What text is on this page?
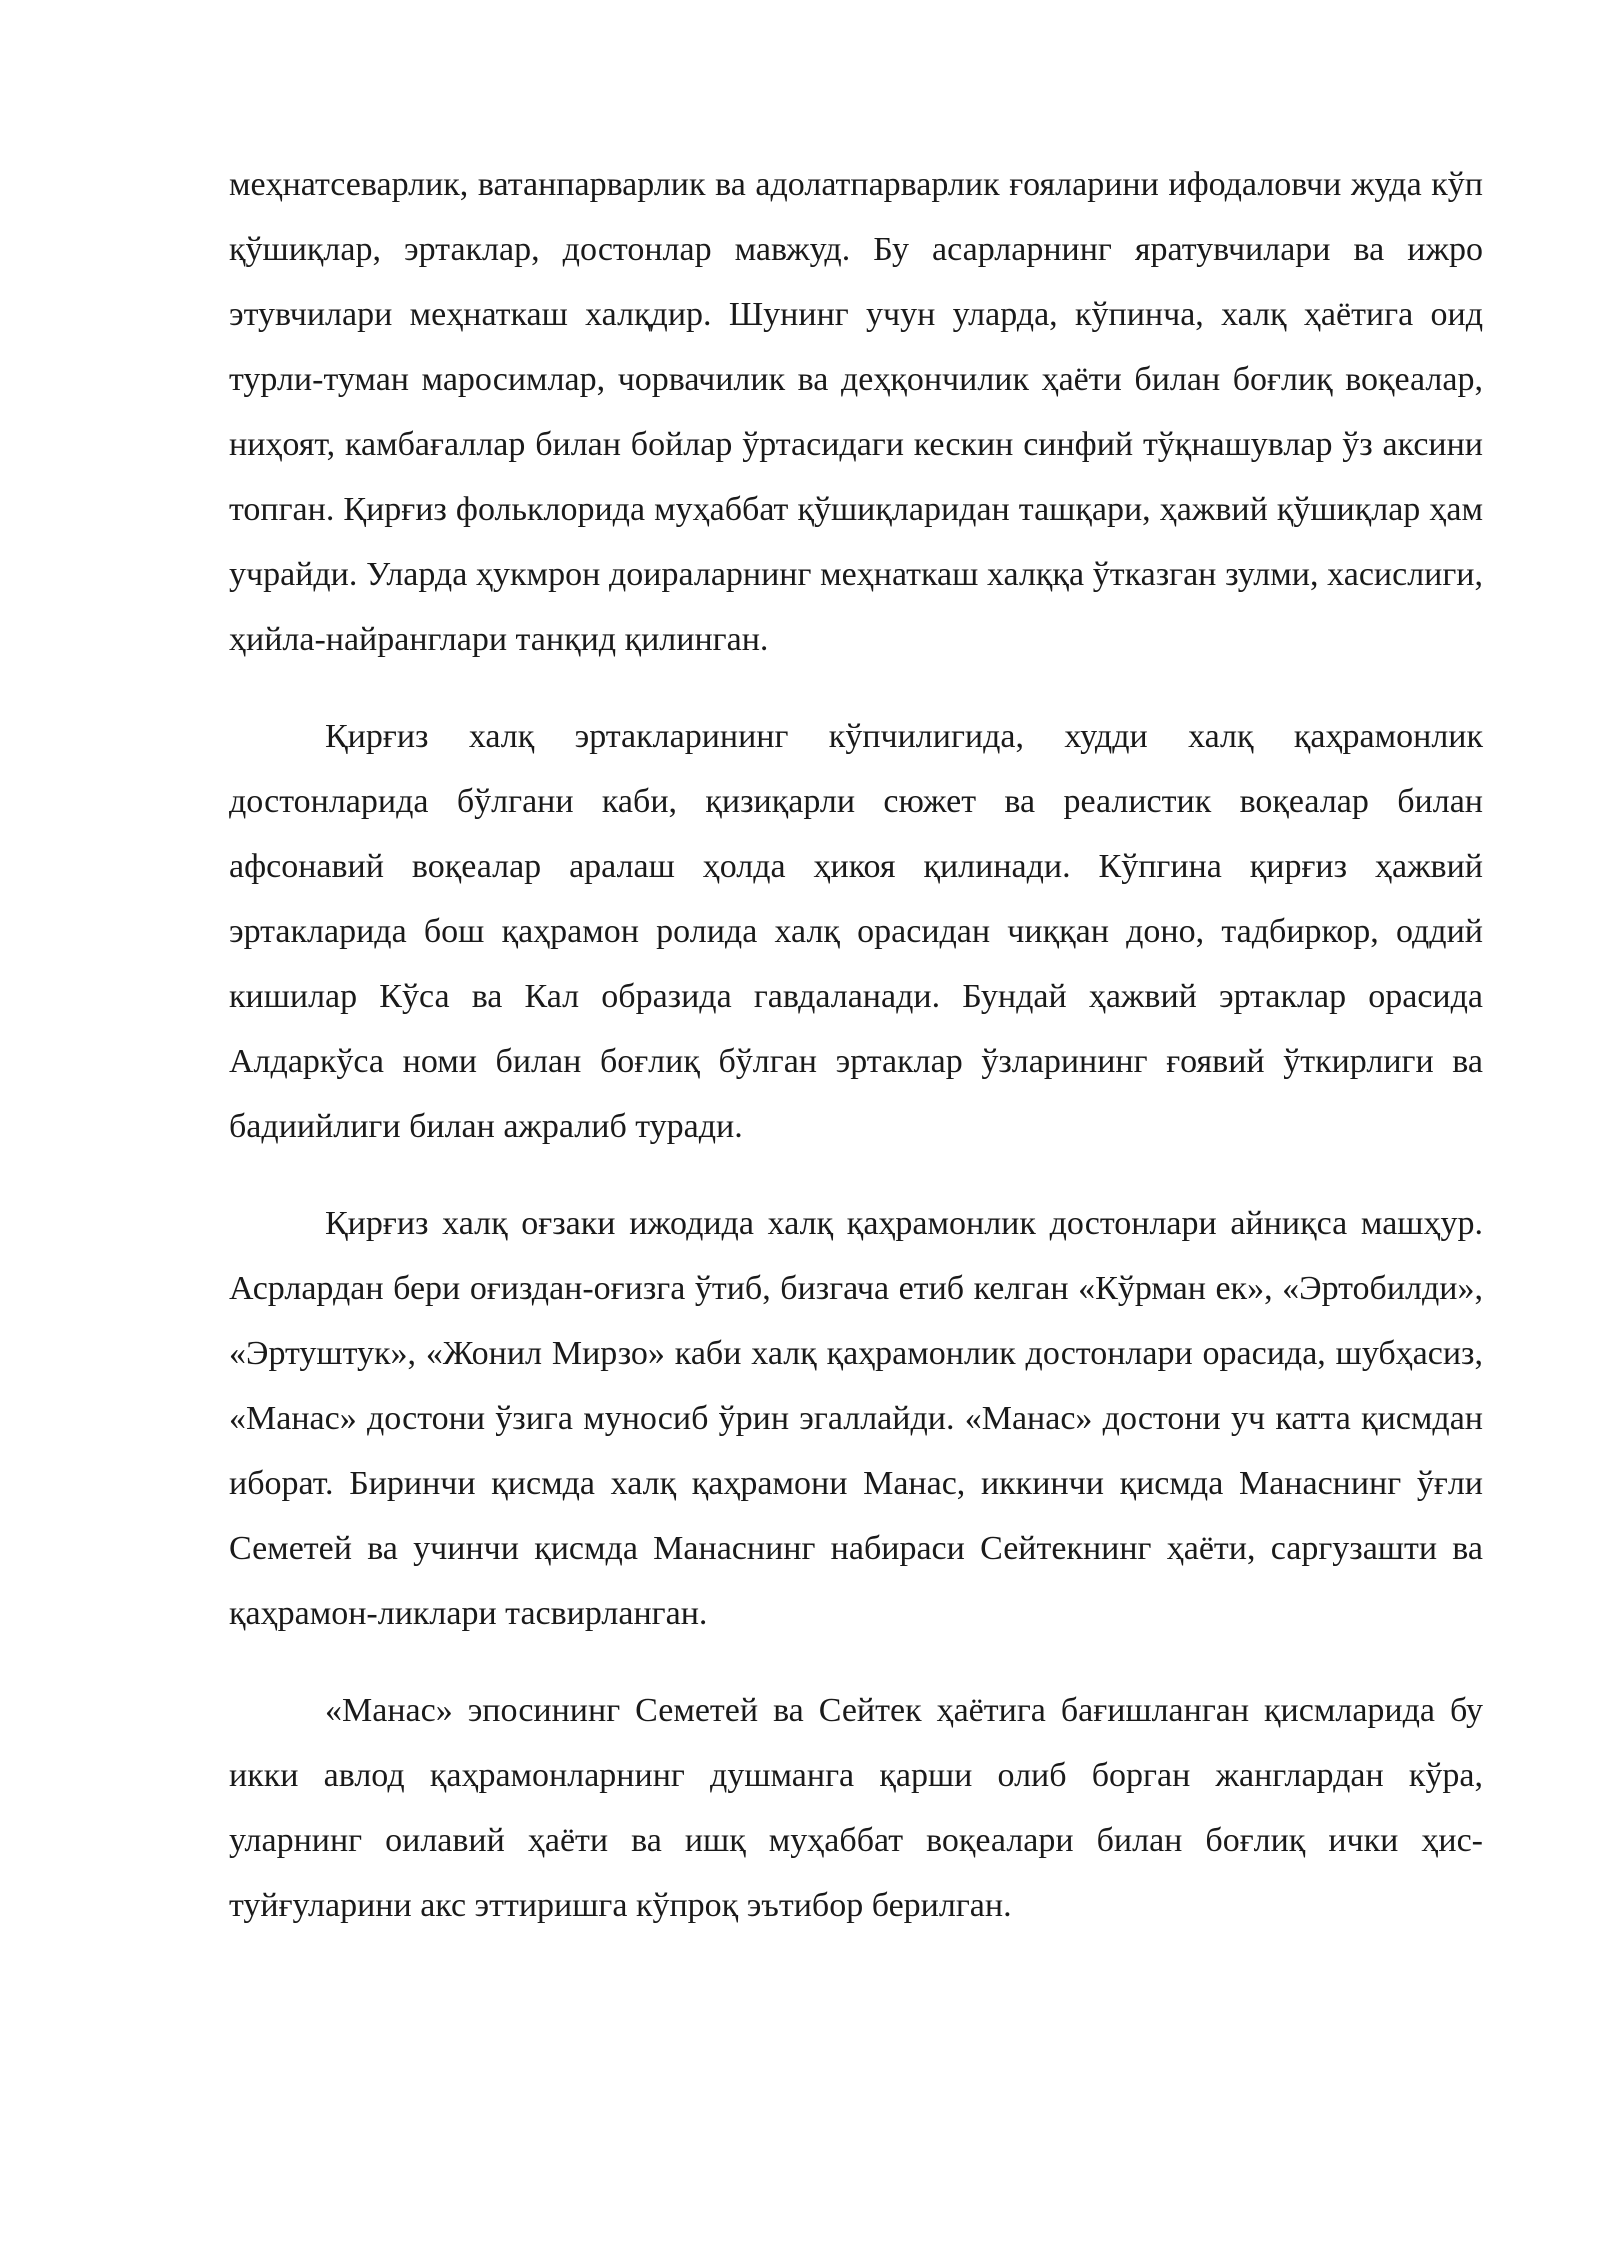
меҳнатсеварлик, ватанпарварлик ва адолатпарварлик ғояларини ифодаловчи жуда кўп қўшиқлар, эртаклар, достонлар мавжуд. Бу асарларнинг яратувчилари ва ижро этувчилари меҳнаткаш халқдир. Шунинг учун уларда, кўпинча, халқ ҳаётига оид турли-туман маросимлар, чорвачилик ва деҳқончилик ҳаёти билан боғлиқ воқеалар, ниҳоят, камбағаллар билан бойлар ўртасидаги кескин синфий тўқнашувлар ўз аксини топган. Қирғиз фольклорида муҳаббат қўшиқларидан ташқари, ҳажвий қўшиқлар ҳам учрайди. Уларда ҳукмрон доираларнинг меҳнаткаш халққа ўтказган зулми, хасислиги, ҳийла-найранглари танқид қилинган.

Қирғиз халқ эртакларининг кўпчилигида, худди халқ қаҳрамонлик достонларида бўлгани каби, қизиқарли сюжет ва реалистик воқеалар билан афсонавий воқеалар аралаш ҳолда ҳикоя қилинади. Кўпгина қирғиз ҳажвий эртакларида бош қаҳрамон ролида халқ орасидан чиққан доно, тадбиркор, оддий кишилар Кўса ва Кал образида гавдаланади. Бундай ҳажвий эртаклар орасида Алдаркўса номи билан боғлиқ бўлган эртаклар ўзларининг ғоявий ўткирлиги ва бадиийлиги билан ажралиб туради.

Қирғиз халқ оғзаки ижодида халқ қаҳрамонлик достонлари айниқса машҳур. Асрлардан бери оғиздан-оғизга ўтиб, бизгача етиб келган «Кўрман ек», «Эртобилди», «Эртуштук», «Жонил Мирзо» каби халқ қаҳрамонлик достонлари орасида, шубҳасиз, «Манас» достони ўзига муносиб ўрин эгаллайди. «Манас» достони уч катта қисмдан иборат. Биринчи қисмда халқ қаҳрамони Манас, иккинчи қисмда Манаснинг ўғли Семетей ва учинчи қисмда Манаснинг набираси Сейтекнинг ҳаёти, саргузашти ва қаҳрамон-ликлари тасвирланган.

«Манас» эпосининг Семетей ва Сейтек ҳаётига бағишланган қисмларида бу икки авлод қаҳрамонларнинг душманга қарши олиб борган жанглардан кўра, уларнинг оилавий ҳаёти ва ишқ муҳаббат воқеалари билан боғлиқ ички ҳис-туйғуларини акс эттиришга кўпроқ эътибор берилган.
